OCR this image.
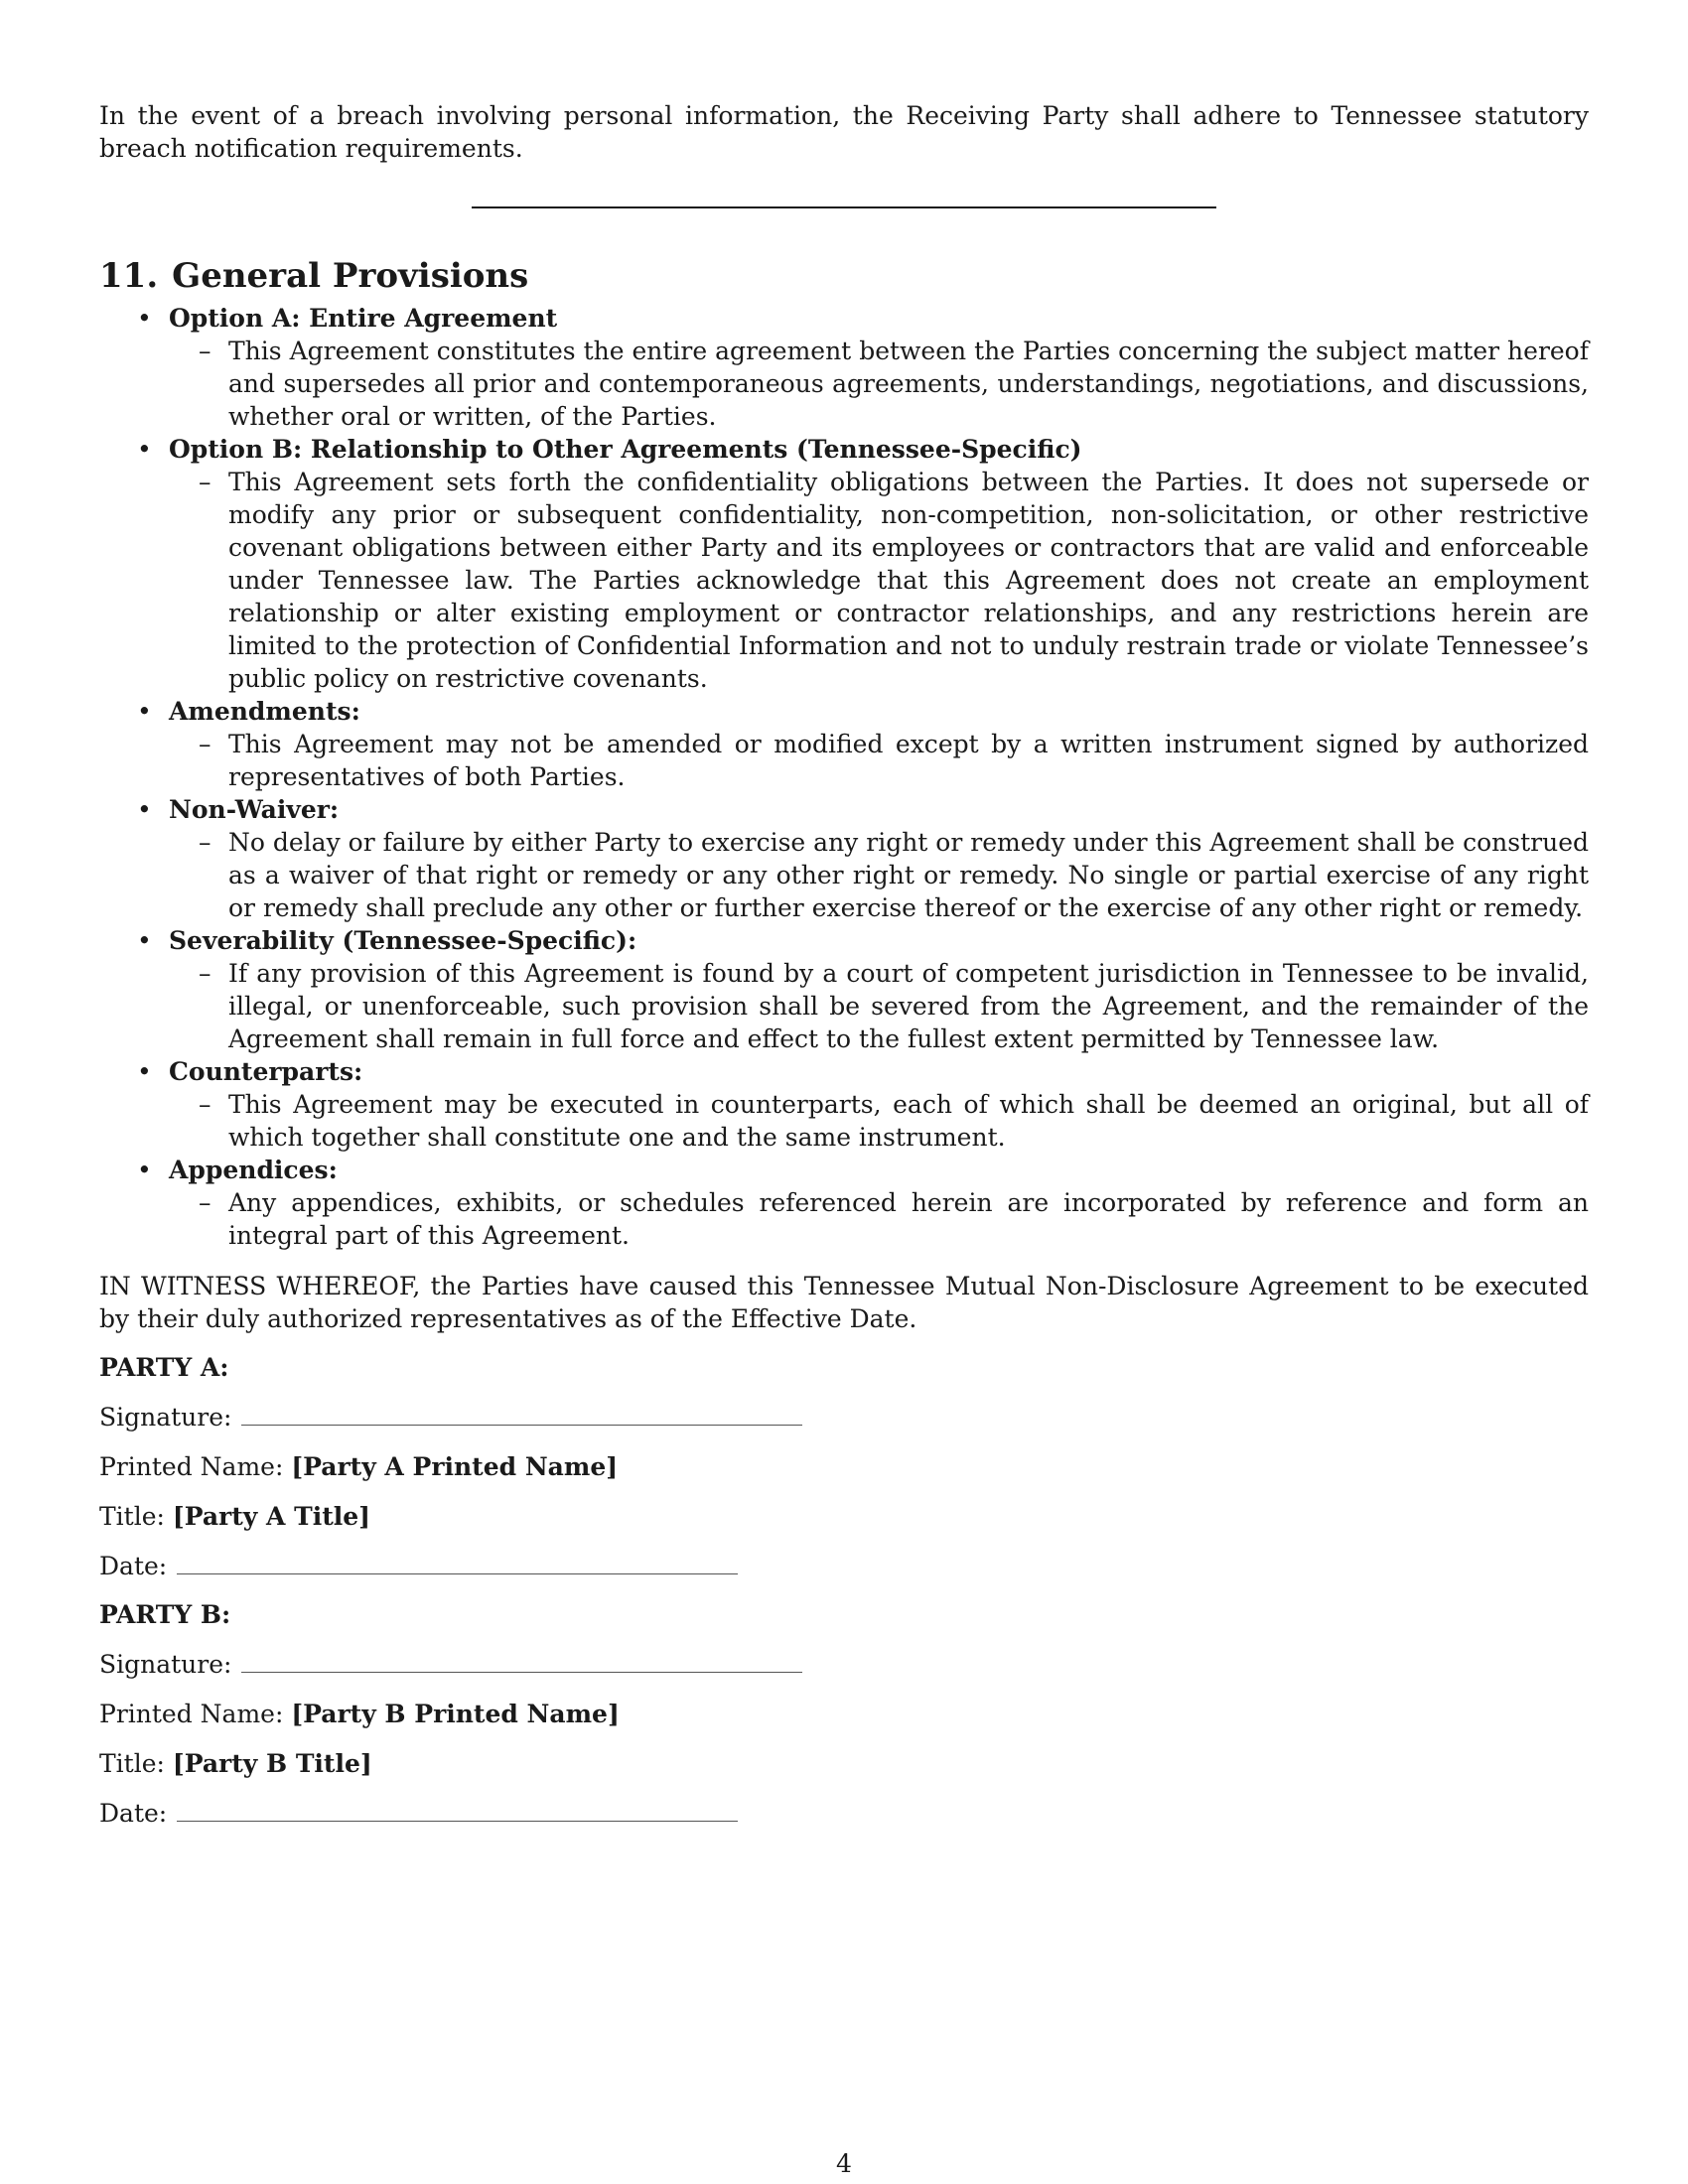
In the event of a breach involving personal information, the Receiving Party shall adhere to Tennessee statutory breach notification requirements.

11. General Provisions
• Option A: Entire Agreement
– This Agreement constitutes the entire agreement between the Parties concerning the subject matter hereof and supersedes all prior and contemporaneous agreements, understandings, negotiations, and discussions, whether oral or written, of the Parties.
• Option B: Relationship to Other Agreements (Tennessee-Specific)
– This Agreement sets forth the confidentiality obligations between the Parties. It does not supersede or modify any prior or subsequent confidentiality, non-competition, non-solicitation, or other restrictive covenant obligations between either Party and its employees or contractors that are valid and enforceable under Tennessee law. The Parties acknowledge that this Agreement does not create an employment relationship or alter existing employment or contractor relationships, and any restrictions herein are limited to the protection of Confidential Information and not to unduly restrain trade or violate Tennessee’s public policy on restrictive covenants.
• Amendments:
– This Agreement may not be amended or modified except by a written instrument signed by authorized representatives of both Parties.
• Non-Waiver:
– No delay or failure by either Party to exercise any right or remedy under this Agreement shall be construed as a waiver of that right or remedy or any other right or remedy. No single or partial exercise of any right or remedy shall preclude any other or further exercise thereof or the exercise of any other right or remedy.
• Severability (Tennessee-Specific):
– If any provision of this Agreement is found by a court of competent jurisdiction in Tennessee to be invalid, illegal, or unenforceable, such provision shall be severed from the Agreement, and the remainder of the Agreement shall remain in full force and effect to the fullest extent permitted by Tennessee law.
• Counterparts:
– This Agreement may be executed in counterparts, each of which shall be deemed an original, but all of which together shall constitute one and the same instrument.
• Appendices:
– Any appendices, exhibits, or schedules referenced herein are incorporated by reference and form an integral part of this Agreement.

IN WITNESS WHEREOF, the Parties have caused this Tennessee Mutual Non-Disclosure Agreement to be executed by their duly authorized representatives as of the Effective Date.

PARTY A:

Signature:
Printed Name:
[Party A Printed Name]
Title:
[Party A Title]
Date:

PARTY B:

Signature:
Printed Name:
[Party B Printed Name]
Title:
[Party B Title]
Date:
4
